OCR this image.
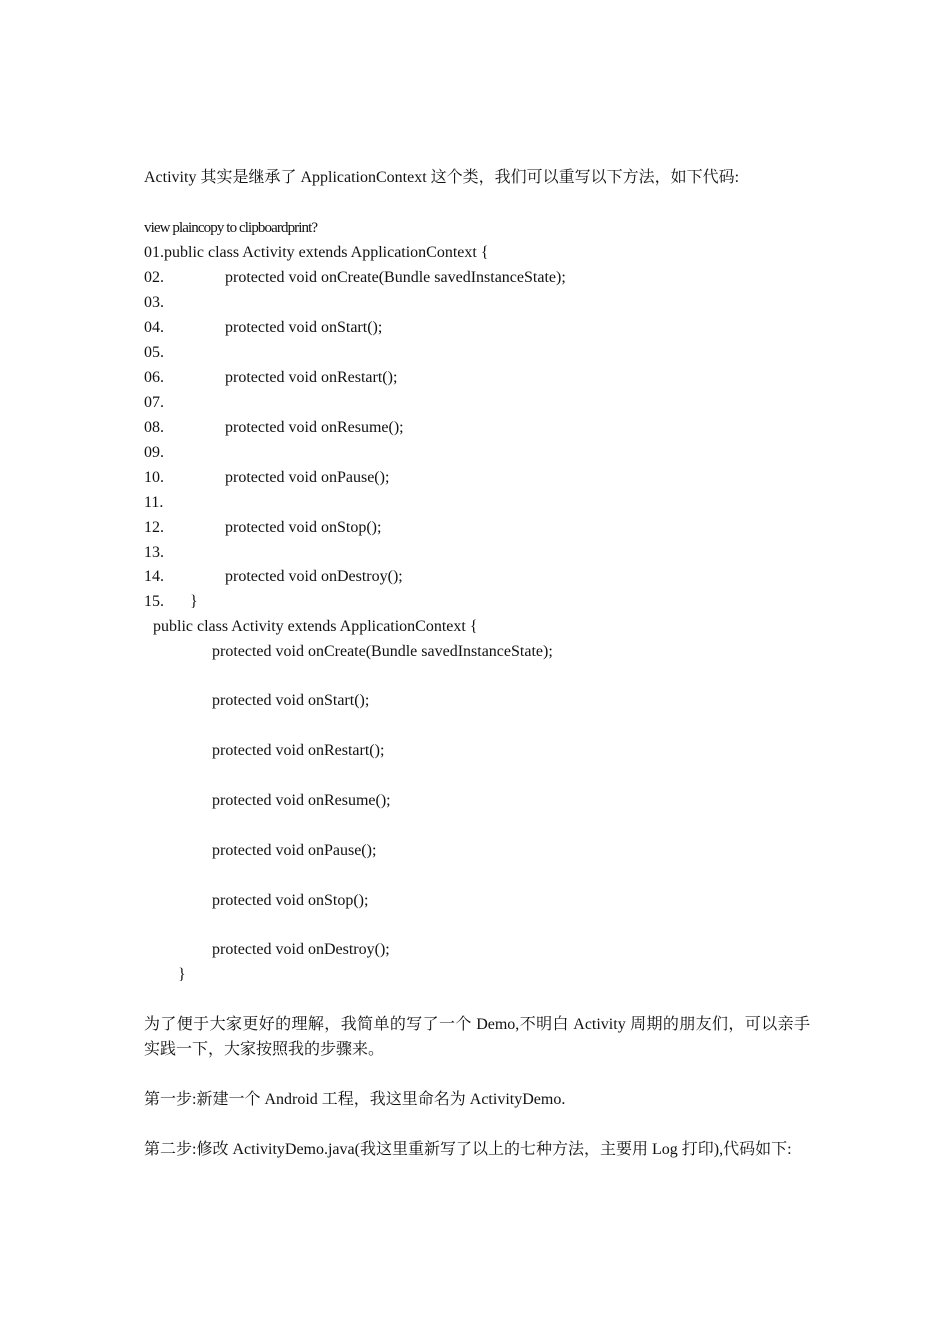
Activity 其实是继承了 ApplicationContext 这个类，我们可以重写以下方法，如下代码:
view plaincopy to clipboardprint?
01. public class Activity extends ApplicationContext {
02.	protected void onCreate(Bundle savedInstanceState);
03.
04.	protected void onStart();
05.
06.	protected void onRestart();
07.
08.	protected void onResume();
09.
10.	protected void onPause();
11.
12.	protected void onStop();
13.
14.	protected void onDestroy();
15. }
public class Activity extends ApplicationContext {
protected void onCreate(Bundle savedInstanceState);
protected void onStart();
protected void onRestart();
protected void onResume();
protected void onPause();
protected void onStop();
protected void onDestroy();
}
为了便于大家更好的理解，我简单的写了一个 Demo,不明白 Activity 周期的朋友们，可以亲手实践一下，大家按照我的步骤来。
第一步:新建一个 Android 工程，我这里命名为 ActivityDemo.
第二步:修改 ActivityDemo.java(我这里重新写了以上的七种方法，主要用 Log 打印),代码如下:
